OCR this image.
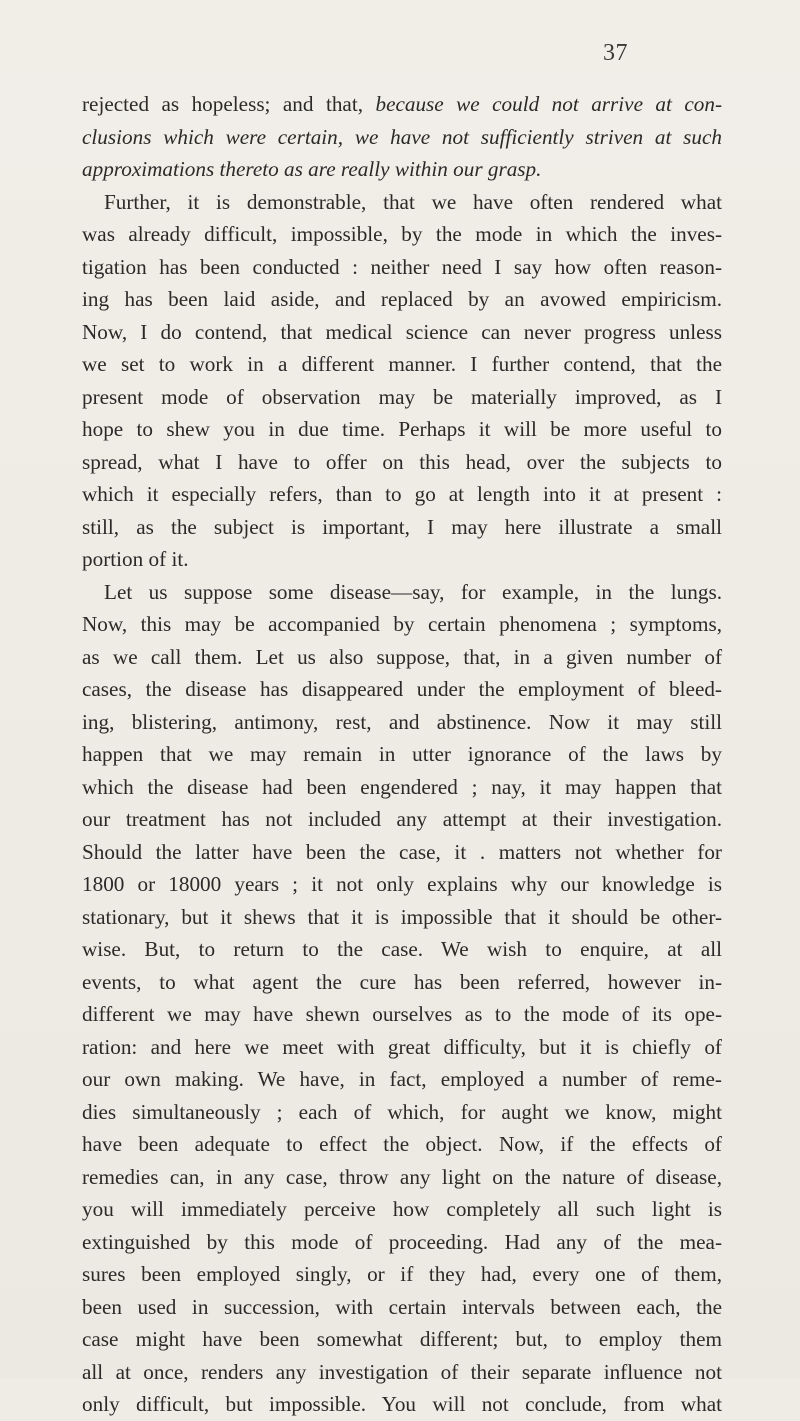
37
rejected as hopeless; and that, because we could not arrive at con-
clusions which were certain, we have not sufficiently striven at such
approximations thereto as are really within our grasp.
Further, it is demonstrable, that we have often rendered what
was already difficult, impossible, by the mode in which the inves-
tigation has been conducted : neither need I say how often reason-
ing has been laid aside, and replaced by an avowed empiricism.
Now, I do contend, that medical science can never progress unless
we set to work in a different manner. I further contend, that the
present mode of observation may be materially improved, as I
hope to shew you in due time. Perhaps it will be more useful to
spread, what I have to offer on this head, over the subjects to
which it especially refers, than to go at length into it at present :
still, as the subject is important, I may here illustrate a small
portion of it.
Let us suppose some disease—say, for example, in the lungs.
Now, this may be accompanied by certain phenomena ; symptoms,
as we call them. Let us also suppose, that, in a given number of
cases, the disease has disappeared under the employment of bleed-
ing, blistering, antimony, rest, and abstinence. Now it may still
happen that we may remain in utter ignorance of the laws by
which the disease had been engendered ; nay, it may happen that
our treatment has not included any attempt at their investigation.
Should the latter have been the case, it . matters not whether for
1800 or 18000 years ; it not only explains why our knowledge is
stationary, but it shews that it is impossible that it should be other-
wise. But, to return to the case. We wish to enquire, at all
events, to what agent the cure has been referred, however in-
different we may have shewn ourselves as to the mode of its ope-
ration: and here we meet with great difficulty, but it is chiefly of
our own making. We have, in fact, employed a number of reme-
dies simultaneously ; each of which, for aught we know, might
have been adequate to effect the object. Now, if the effects of
remedies can, in any case, throw any light on the nature of disease,
you will immediately perceive how completely all such light is
extinguished by this mode of proceeding. Had any of the mea-
sures been employed singly, or if they had, every one of them,
been used in succession, with certain intervals between each, the
case might have been somewhat different; but, to employ them
all at once, renders any investigation of their separate influence not
only difficult, but impossible. You will not conclude, from what
